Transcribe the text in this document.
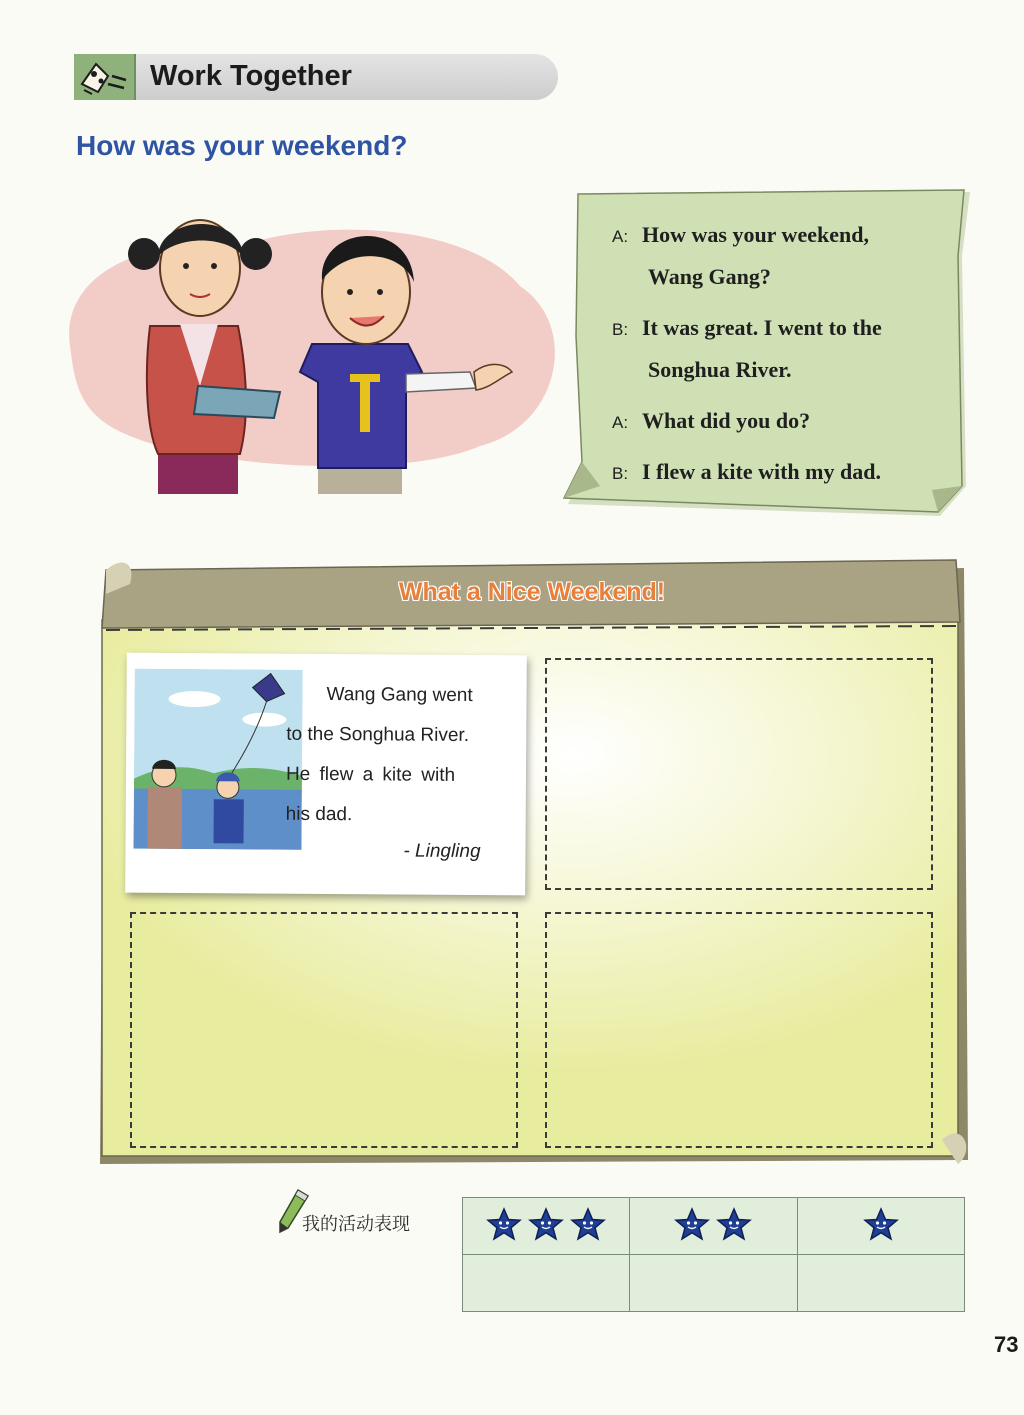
Work Together
How was your weekend?
A: How was your weekend,
Wang Gang?
B: It was great. I went to the
Songhua River.
A: What did you do?
B: I flew a kite with my dad.
What a Nice Weekend!
Wang Gang went
to the Songhua River.
He flew a kite with
his dad.
- Lingling
我的活动表现

73
